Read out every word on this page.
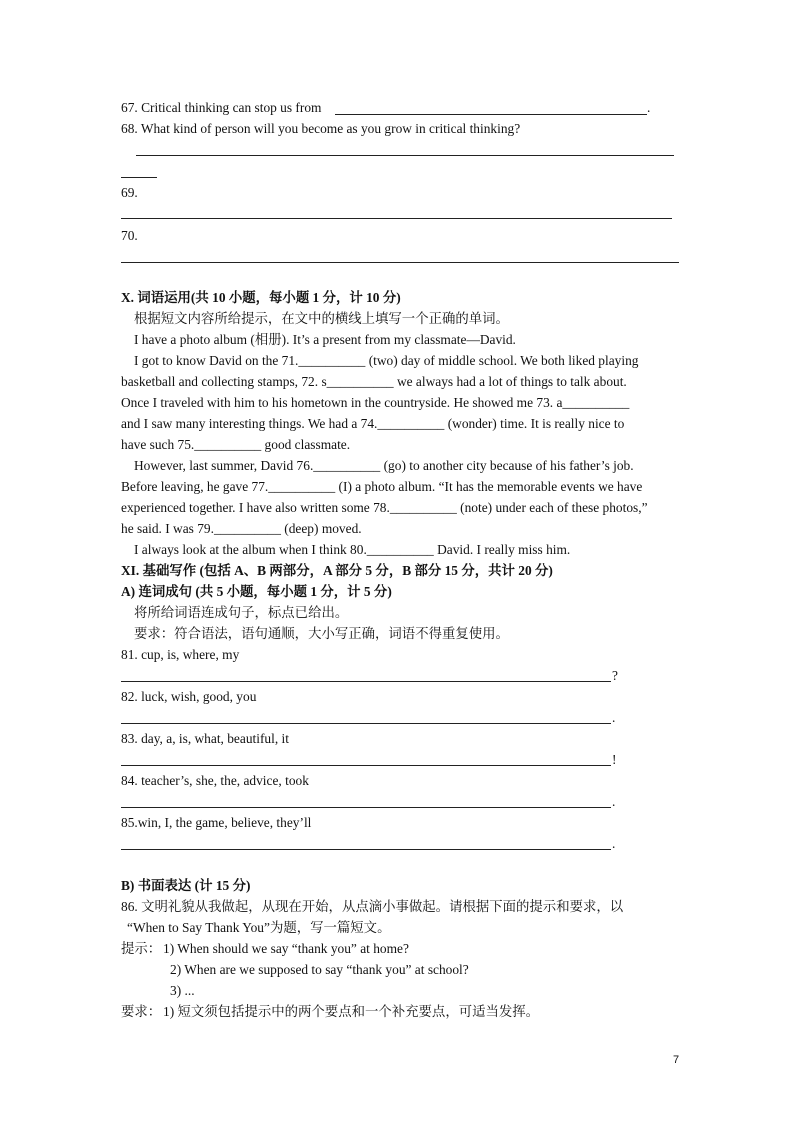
67. Critical thinking can stop us from	.
68. What kind of person will you become as you grow in critical thinking?
69.
70.
X. 词语运用(共 10 小题，每小题 1 分，计 10 分)
根据短文内容所给提示，在文中的横线上填写一个正确的单词。
I have a photo album (相册). It’s a present from my classmate—David.
I got to know David on the 71.__________ (two) day of middle school. We both liked playing
basketball and collecting stamps, 72. s__________ we always had a lot of things to talk about.
Once I traveled with him to his hometown in the countryside. He showed me 73. a__________
and I saw many interesting things. We had a 74.__________ (wonder) time. It is really nice to
have such 75.__________ good classmate.
However, last summer, David 76.__________ (go) to another city because of his father’s job.
Before leaving, he gave 77.__________ (I) a photo album. “It has the memorable events we have
experienced together. I have also written some 78.__________ (note) under each of these photos,”
he said. I was 79.__________ (deep) moved.
I always look at the album when I think 80.__________ David. I really miss him.
XI. 基础写作 (包括 A、B 两部分，A 部分 5 分，B 部分 15 分，共计 20 分)
A) 连词成句 (共 5 小题，每小题 1 分，计 5 分)
将所给词语连成句子，标点已给出。
要求：符合语法，语句通顺，大小写正确，词语不得重复使用。
81. cup, is, where, my
?
82. luck, wish, good, you
.
83. day, a, is, what, beautiful, it
!
84. teacher’s, she, the, advice, took
.
85.win, I, the game, believe, they’ll
.
B) 书面表达 (计 15 分)
86. 文明礼貌从我做起，从现在开始，从点滴小事做起。请根据下面的提示和要求，以
“When to Say Thank You”为题，写一篇短文。
提示： 1) When should we say “thank you” at home?
2) When are we supposed to say “thank you” at school?
3) ...
要求： 1) 短文须包括提示中的两个要点和一个补充要点，可适当发挥。
7
